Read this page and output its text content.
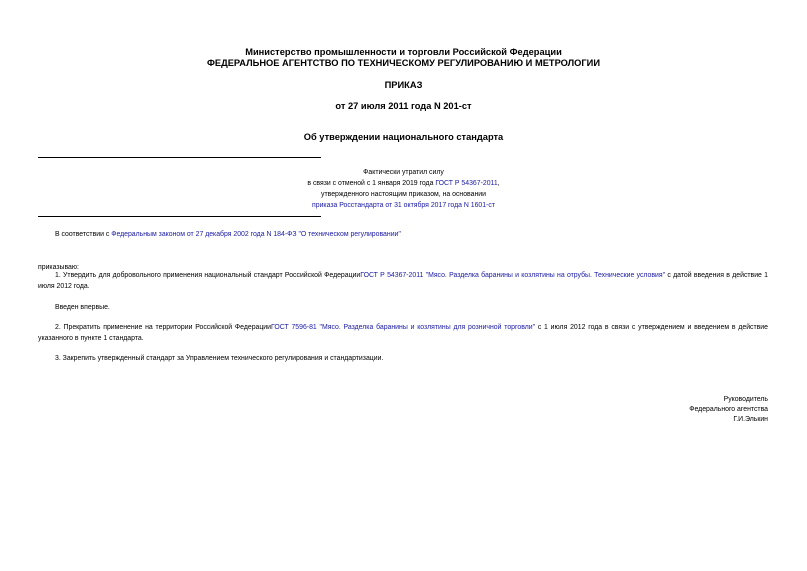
Министерство промышленности и торговли Российской Федерации
ФЕДЕРАЛЬНОЕ АГЕНТСТВО ПО ТЕХНИЧЕСКОМУ РЕГУЛИРОВАНИЮ И МЕТРОЛОГИИ
ПРИКАЗ
от 27 июля 2011 года N 201-ст
Об утверждении национального стандарта
Фактически утратил силу
в связи с отменой с 1 января 2019 года ГОСТ Р 54367-2011,
утвержденного настоящим приказом, на основании
приказа Росстандарта от 31 октября 2017 года N 1601-ст
В соответствии с Федеральным законом от 27 декабря 2002 года N 184-ФЗ "О техническом регулировании"
приказываю:
1. Утвердить для добровольного применения национальный стандарт Российской ФедерацииГОСТ Р 54367-2011 "Мясо. Разделка баранины и козлятины на отрубы. Технические условия" с датой введения в действие 1 июля 2012 года.
Введен впервые.
2. Прекратить применение на территории Российской ФедерацииГОСТ 7596-81 "Мясо. Разделка баранины и козлятины для розничной торговли" с 1 июля 2012 года в связи с утверждением и введением в действие указанного в пункте 1 стандарта.
3. Закрепить утвержденный стандарт за Управлением технического регулирования и стандартизации.
Руководитель
Федерального агентства
Г.И.Элькин
